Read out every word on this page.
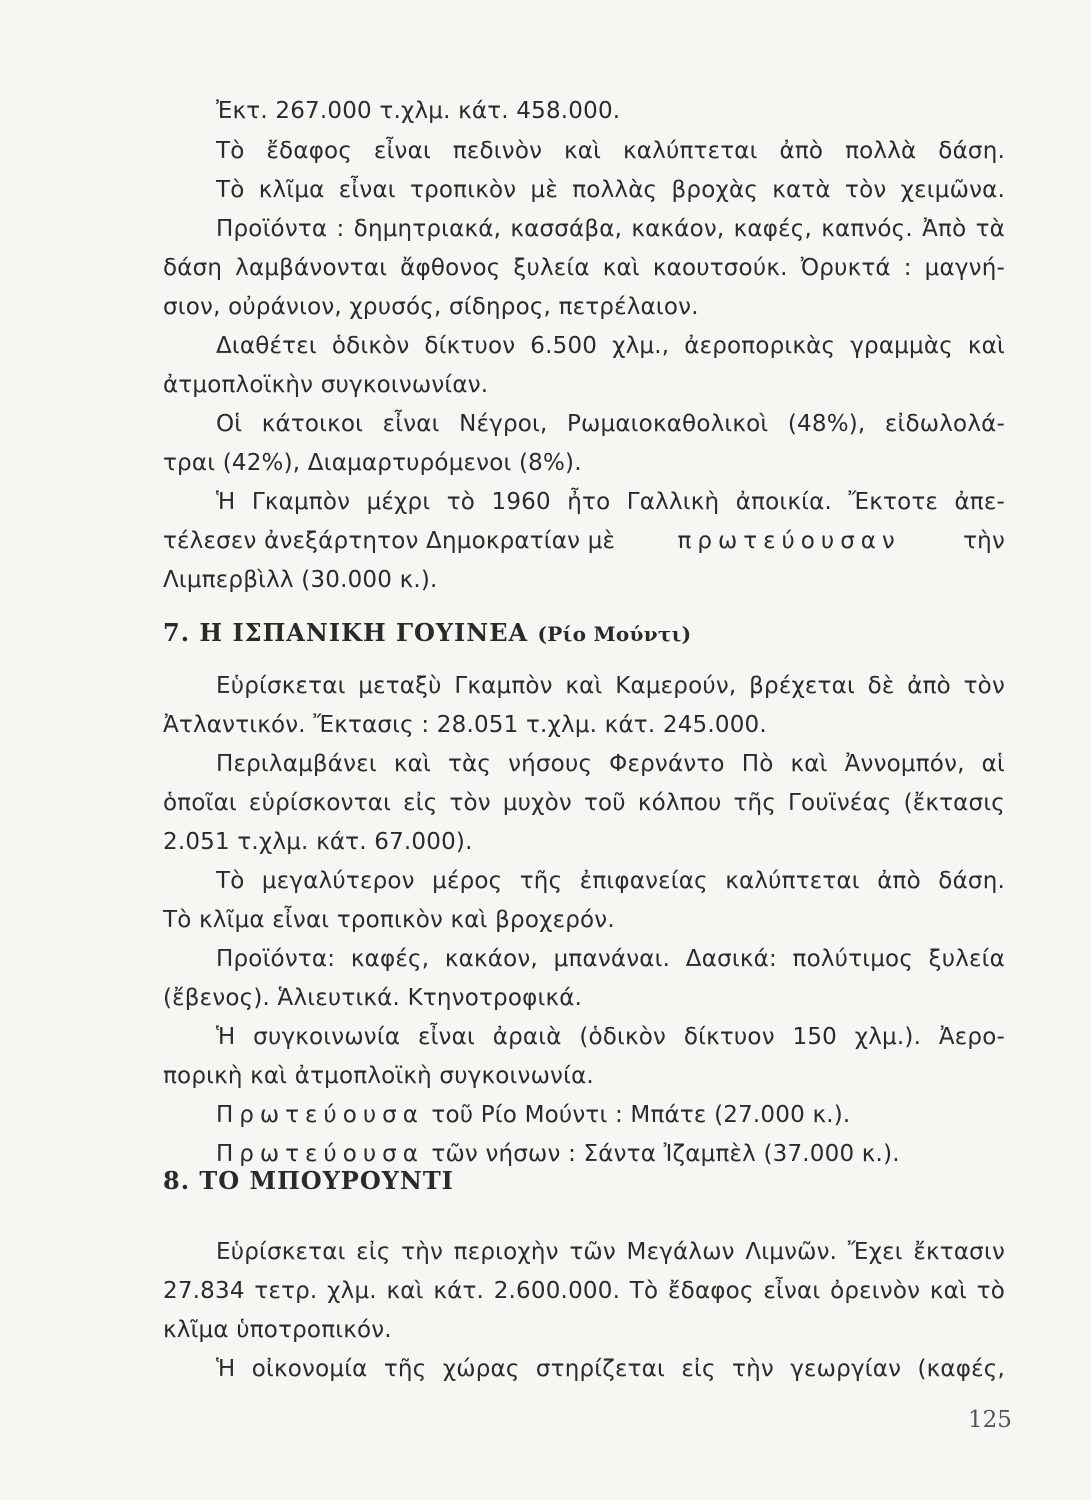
Ἐκτ. 267.000 τ.χλμ. κάτ. 458.000.
Τὸ ἔδαφος εἶναι πεδινὸν καὶ καλύπτεται ἀπὸ πολλὰ δάση.
Τὸ κλῖμα εἶναι τροπικὸν μὲ πολλὰς βροχὰς κατὰ τὸν χειμῶνα.
Προϊόντα : δημητριακά, κασσάβα, κακάον, καφές, καπνός. Ἀπὸ τὰ
δάση λαμβάνονται ἄφθονος ξυλεία καὶ καουτσούκ. Ὀρυκτά : μαγνή-
σιον, οὐράνιον, χρυσός, σίδηρος, πετρέλαιον.
Διαθέτει ὁδικὸν δίκτυον 6.500 χλμ., ἀεροπορικὰς γραμμὰς καὶ
ἀτμοπλοϊκὴν συγκοινωνίαν.
Οἱ κάτοικοι εἶναι Νέγροι, Ρωμαιοκαθολικοὶ (48%), εἰδωλολά-
τραι (42%), Διαμαρτυρόμενοι (8%).
Ἡ Γκαμπὸν μέχρι τὸ 1960 ἦτο Γαλλικὴ ἀποικία. Ἔκτοτε ἀπε-
τέλεσεν ἀνεξάρτητον Δημοκρατίαν μὲ	πρωτεύουσαν	τὴν
Λιμπερβὶλλ (30.000 κ.).
7. Η ΙΣΠΑΝΙΚΗ ΓΟΥΙΝΕΑ (Ρίο Μούντι)
Εὑρίσκεται μεταξὺ Γκαμπὸν καὶ Καμερούν, βρέχεται δὲ ἀπὸ τὸν
Ἀτλαντικόν. Ἔκτασις : 28.051 τ.χλμ. κάτ. 245.000.
Περιλαμβάνει καὶ τὰς νήσους Φερνάντο Πὸ καὶ Ἀννομπόν, αἱ
ὁποῖαι εὑρίσκονται εἰς τὸν μυχὸν τοῦ κόλπου τῆς Γουϊνέας (ἔκτασις
2.051 τ.χλμ. κάτ. 67.000).
Τὸ μεγαλύτερον μέρος τῆς ἐπιφανείας καλύπτεται ἀπὸ δάση.
Τὸ κλῖμα εἶναι τροπικὸν καὶ βροχερόν.
Προϊόντα: καφές, κακάον, μπανάναι. Δασικά: πολύτιμος ξυλεία
(ἔβενος). Ἁλιευτικά. Κτηνοτροφικά.
Ἡ συγκοινωνία εἶναι ἀραιὰ (ὁδικὸν δίκτυον 150 χλμ.). Ἀερο-
πορικὴ καὶ ἀτμοπλοϊκὴ συγκοινωνία.
Πρωτεύουσα τοῦ Ρίο Μούντι : Μπάτε (27.000 κ.).
Πρωτεύουσα τῶν νήσων : Σάντα Ἰζαμπὲλ (37.000 κ.).
8. ΤΟ ΜΠΟΥΡΟΥΝΤΙ
Εὑρίσκεται εἰς τὴν περιοχὴν τῶν Μεγάλων Λιμνῶν. Ἔχει ἔκτασιν
27.834 τετρ. χλμ. καὶ κάτ. 2.600.000. Τὸ ἔδαφος εἶναι ὀρεινὸν καὶ τὸ
κλῖμα ὑποτροπικόν.
Ἡ οἰκονομία τῆς χώρας στηρίζεται εἰς τὴν γεωργίαν (καφές,
125
